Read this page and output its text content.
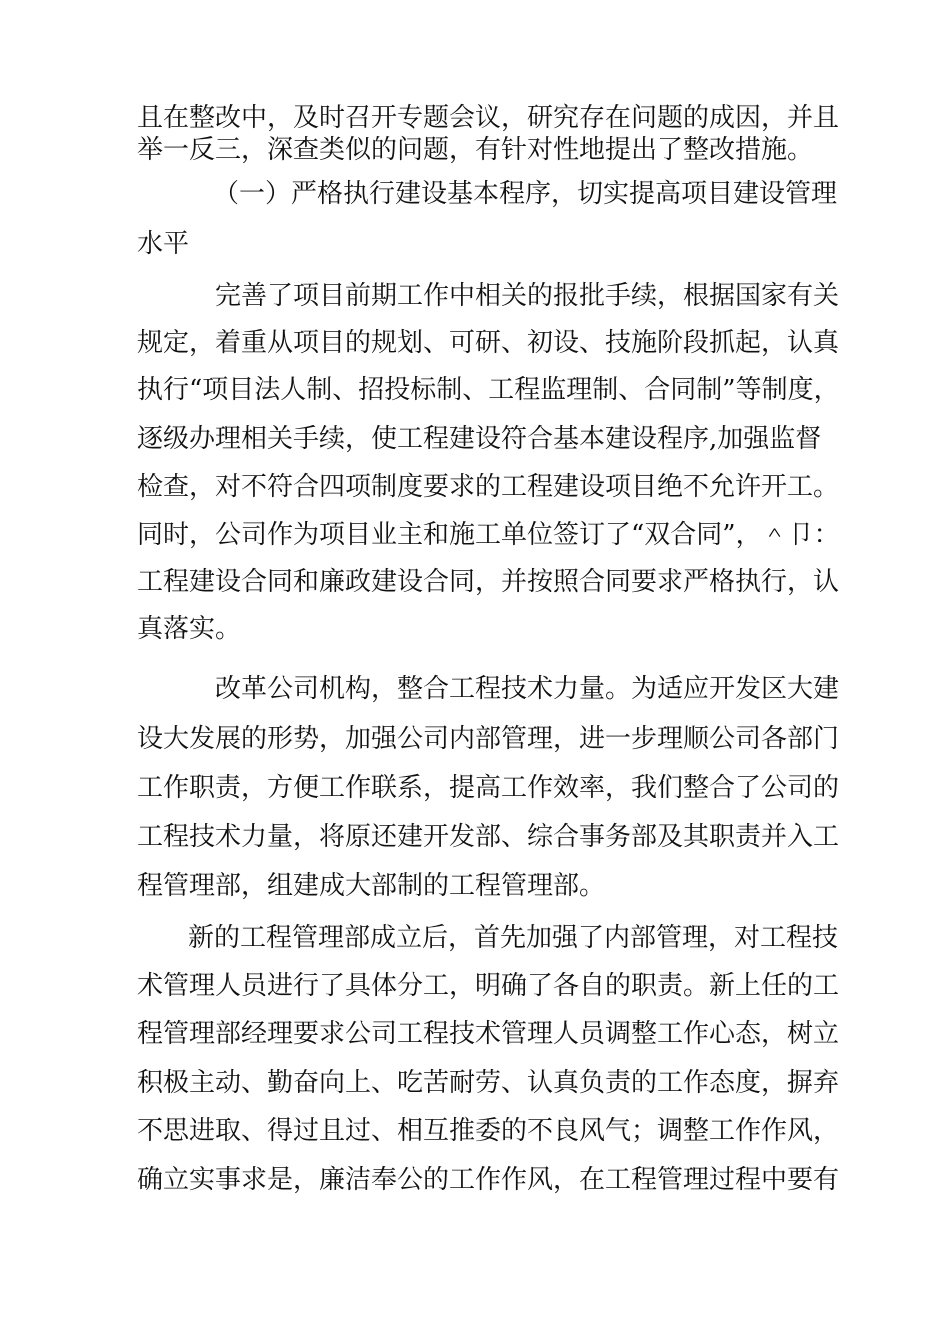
且在整改中，及时召开专题会议，研究存在问题的成因，并且
举一反三，深查类似的问题，有针对性地提出了整改措施。
（一）严格执行建设基本程序，切实提高项目建设管理
水平
完善了项目前期工作中相关的报批手续，根据国家有关
规定，着重从项目的规划、可研、初设、技施阶段抓起，认真
执行“项目法人制、招投标制、工程监理制、合同制”等制度，
逐级办理相关手续，使工程建设符合基本建设程序,加强监督
检查，对不符合四项制度要求的工程建设项目绝不允许开工。
同时，公司作为项目业主和施工单位签订了“双合同”，＾卩：
工程建设合同和廉政建设合同，并按照合同要求严格执行，认
真落实。
改革公司机构，整合工程技术力量。为适应开发区大建
设大发展的形势，加强公司内部管理，进一步理顺公司各部门
工作职责，方便工作联系，提高工作效率，我们整合了公司的
工程技术力量，将原还建开发部、综合事务部及其职责并入工
程管理部，组建成大部制的工程管理部。
新的工程管理部成立后，首先加强了内部管理，对工程技
术管理人员进行了具体分工，明确了各自的职责。新上任的工
程管理部经理要求公司工程技术管理人员调整工作心态，树立
积极主动、勤奋向上、吃苦耐劳、认真负责的工作态度，摒弃
不思进取、得过且过、相互推委的不良风气；调整工作作风，
确立实事求是，廉洁奉公的工作作风，在工程管理过程中要有
